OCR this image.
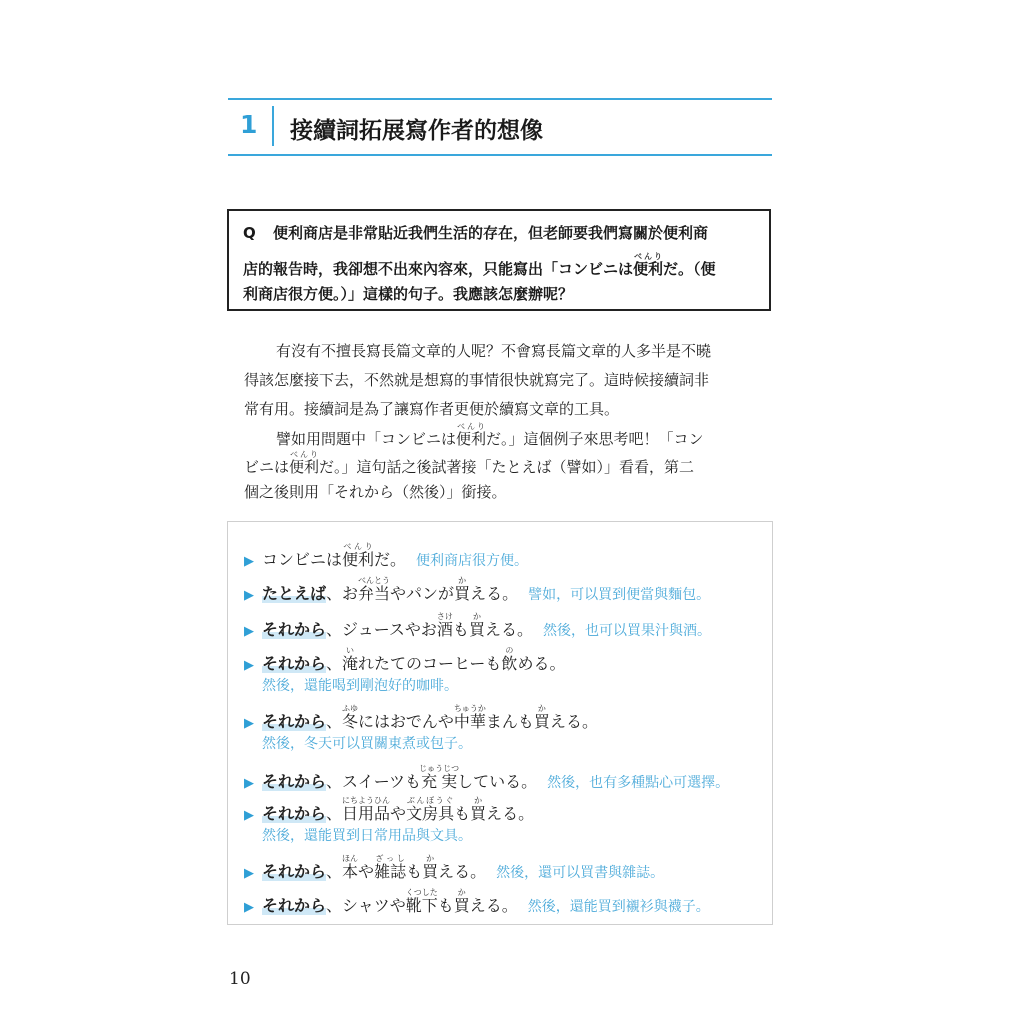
1 接續詞拓展寫作者的想像
Q 便利商店是非常貼近我們生活的存在，但老師要我們寫關於便利商
店的報告時，我卻想不出來內容來，只能寫出「コンビニは便利べんりだ。（便
利商店很方便。）」這樣的句子。我應該怎麼辦呢？
有沒有不擅長寫長篇文章的人呢？不會寫長篇文章的人多半是不曉
得該怎麼接下去，不然就是想寫的事情很快就寫完了。這時候接續詞非
常有用。接續詞是為了讓寫作者更便於續寫文章的工具。
譬如用問題中「コンビニは便利べんりだ。」這個例子來思考吧！「コン
ビニは便利べんりだ。」這句話之後試著接「たとえば（譬如）」看看，第二
個之後則用「それから（然後）」銜接。
▶ コンビニは便利べんりだ。 便利商店很方便。
▶ たとえば、お弁当べんとうやパンが買かえる。 譬如，可以買到便當與麵包。
▶ それから、ジュースやお酒さけも買かえる。 然後，也可以買果汁與酒。
▶ それから、淹いれたてのコーヒーも飲のめる。
然後，還能喝到剛泡好的咖啡。
▶ それから、冬ふゆにはおでんや中華ちゅうかまんも買かえる。
然後，冬天可以買關東煮或包子。
▶ それから、スイーツも充実じゅうじつしている。 然後，也有多種點心可選擇。
▶ それから、日用品にちようひんや文房具ぶんぼうぐも買かえる。
然後，還能買到日常用品與文具。
▶ それから、本ほんや雑誌ざっしも買かえる。 然後，還可以買書與雜誌。
▶ それから、シャツや靴下くつしたも買かえる。 然後，還能買到襯衫與襪子。
10
